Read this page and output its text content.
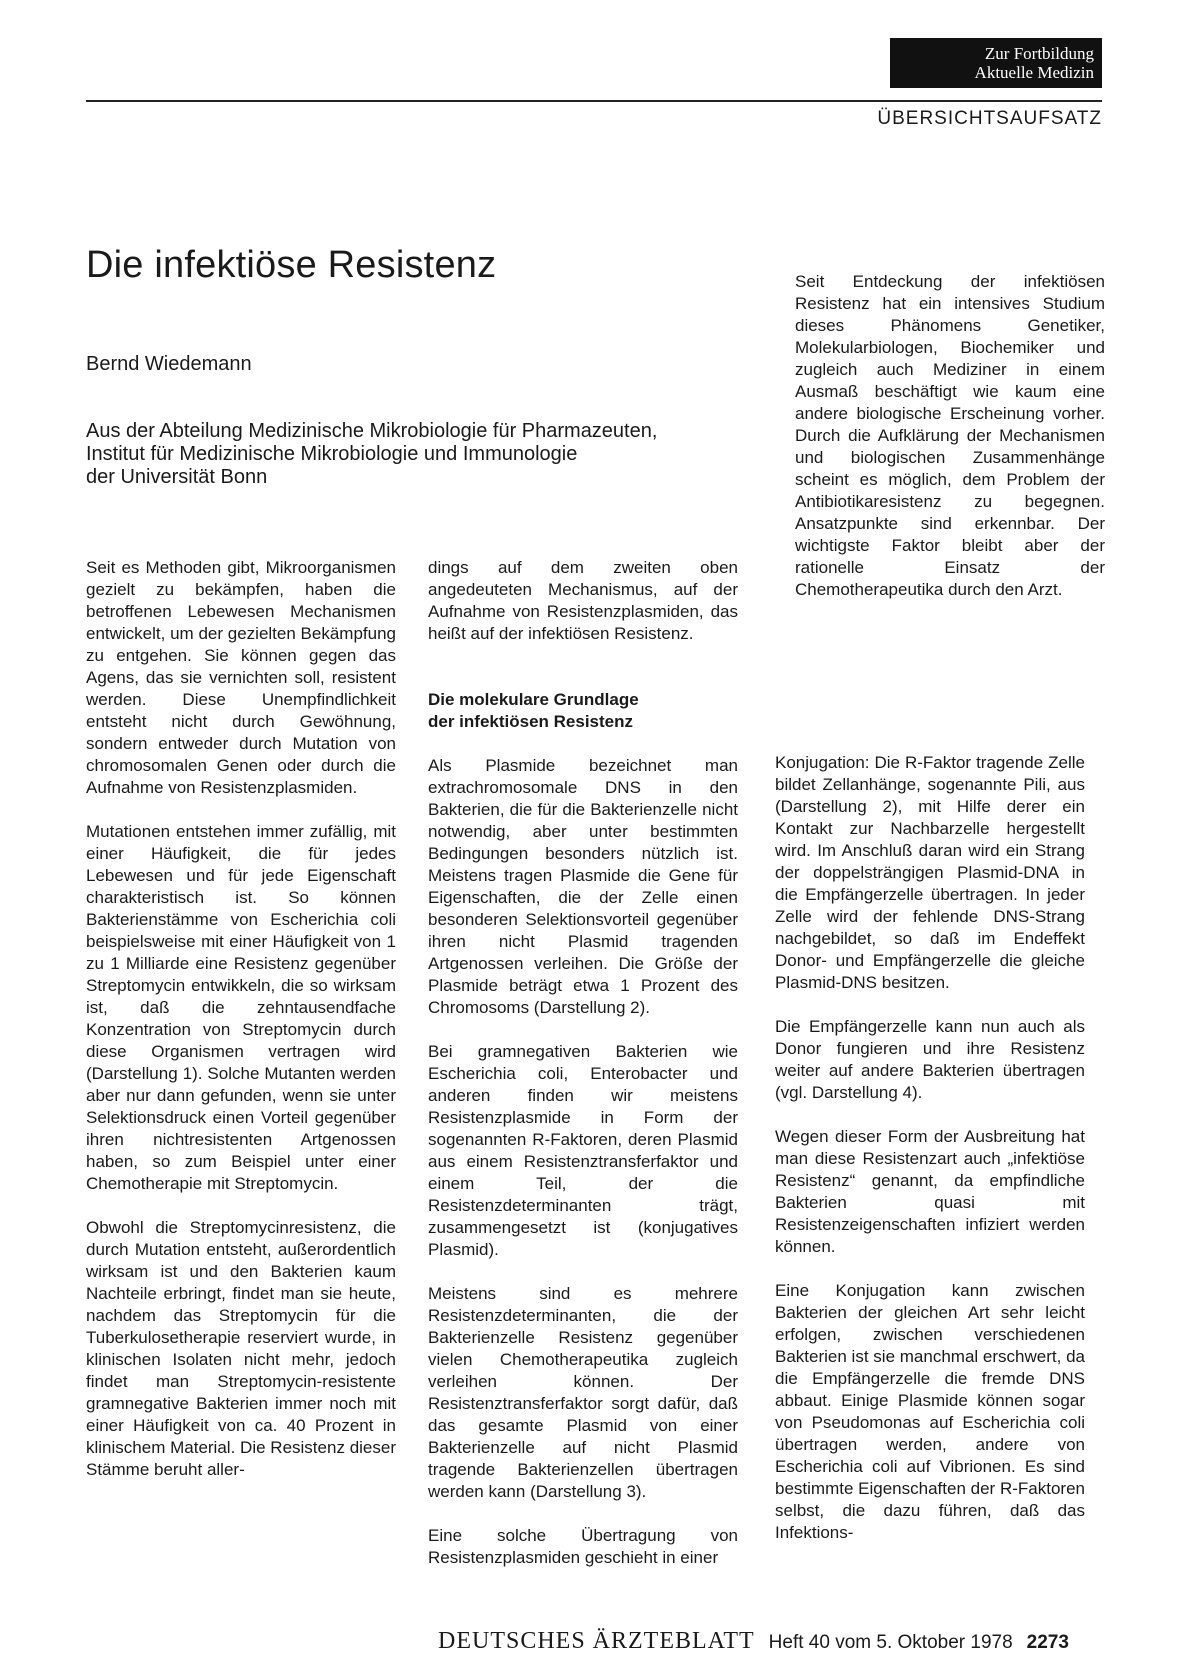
Zur Fortbildung
Aktuelle Medizin
ÜBERSICHTSAUFSATZ
Die infektiöse Resistenz
Bernd Wiedemann
Aus der Abteilung Medizinische Mikrobiologie für Pharmazeuten,
Institut für Medizinische Mikrobiologie und Immunologie
der Universität Bonn

Seit es Methoden gibt, Mikroorganismen gezielt zu bekämpfen, haben die betroffenen Lebewesen Mechanismen entwickelt, um der gezielten Bekämpfung zu entgehen. Sie können gegen das Agens, das sie vernichten soll, resistent werden. Diese Unempfindlichkeit entsteht nicht durch Gewöhnung, sondern entweder durch Mutation von chromosomalen Genen oder durch die Aufnahme von Resistenzplasmiden.

Mutationen entstehen immer zufällig, mit einer Häufigkeit, die für jedes Lebewesen und für jede Eigenschaft charakteristisch ist. So können Bakterienstämme von Escherichia coli beispielsweise mit einer Häufigkeit von 1 zu 1 Milliarde eine Resistenz gegenüber Streptomycin entwikkeln, die so wirksam ist, daß die zehntausendfache Konzentration von Streptomycin durch diese Organismen vertragen wird (Darstellung 1). Solche Mutanten werden aber nur dann gefunden, wenn sie unter Selektionsdruck einen Vorteil gegenüber ihren nichtresistenten Artgenossen haben, so zum Beispiel unter einer Chemotherapie mit Streptomycin.

Obwohl die Streptomycinresistenz, die durch Mutation entsteht, außerordentlich wirksam ist und den Bakterien kaum Nachteile erbringt, findet man sie heute, nachdem das Streptomycin für die Tuberkulosetherapie reserviert wurde, in klinischen Isolaten nicht mehr, jedoch findet man Streptomycin-resistente gramnegative Bakterien immer noch mit einer Häufigkeit von ca. 40 Prozent in klinischem Material. Die Resistenz dieser Stämme beruht aller-

dings auf dem zweiten oben angedeuteten Mechanismus, auf der Aufnahme von Resistenzplasmiden, das heißt auf der infektiösen Resistenz.

Die molekulare Grundlage
der infektiösen Resistenz

Als Plasmide bezeichnet man extrachromosomale DNS in den Bakterien, die für die Bakterienzelle nicht notwendig, aber unter bestimmten Bedingungen besonders nützlich ist. Meistens tragen Plasmide die Gene für Eigenschaften, die der Zelle einen besonderen Selektionsvorteil gegenüber ihren nicht Plasmid tragenden Artgenossen verleihen. Die Größe der Plasmide beträgt etwa 1 Prozent des Chromosoms (Darstellung 2).

Bei gramnegativen Bakterien wie Escherichia coli, Enterobacter und anderen finden wir meistens Resistenzplasmide in Form der sogenannten R-Faktoren, deren Plasmid aus einem Resistenztransferfaktor und einem Teil, der die Resistenzdeterminanten trägt, zusammengesetzt ist (konjugatives Plasmid).

Meistens sind es mehrere Resistenzdeterminanten, die der Bakterienzelle Resistenz gegenüber vielen Chemotherapeutika zugleich verleihen können. Der Resistenztransferfaktor sorgt dafür, daß das gesamte Plasmid von einer Bakterienzelle auf nicht Plasmid tragende Bakterienzellen übertragen werden kann (Darstellung 3).

Eine solche Übertragung von Resistenzplasmiden geschieht in einer

Seit Entdeckung der infektiösen Resistenz hat ein intensives Studium dieses Phänomens Genetiker, Molekularbiologen, Biochemiker und zugleich auch Mediziner in einem Ausmaß beschäftigt wie kaum eine andere biologische Erscheinung vorher. Durch die Aufklärung der Mechanismen und biologischen Zusammenhänge scheint es möglich, dem Problem der Antibiotikaresistenz zu begegnen. Ansatzpunkte sind erkennbar. Der wichtigste Faktor bleibt aber der rationelle Einsatz der Chemotherapeutika durch den Arzt.

Konjugation: Die R-Faktor tragende Zelle bildet Zellanhänge, sogenannte Pili, aus (Darstellung 2), mit Hilfe derer ein Kontakt zur Nachbarzelle hergestellt wird. Im Anschluß daran wird ein Strang der doppelsträngigen Plasmid-DNA in die Empfängerzelle übertragen. In jeder Zelle wird der fehlende DNS-Strang nachgebildet, so daß im Endeffekt Donor- und Empfängerzelle die gleiche Plasmid-DNS besitzen.

Die Empfängerzelle kann nun auch als Donor fungieren und ihre Resistenz weiter auf andere Bakterien übertragen (vgl. Darstellung 4).

Wegen dieser Form der Ausbreitung hat man diese Resistenzart auch „infektiöse Resistenz“ genannt, da empfindliche Bakterien quasi mit Resistenzeigenschaften infiziert werden können.

Eine Konjugation kann zwischen Bakterien der gleichen Art sehr leicht erfolgen, zwischen verschiedenen Bakterien ist sie manchmal erschwert, da die Empfängerzelle die fremde DNS abbaut. Einige Plasmide können sogar von Pseudomonas auf Escherichia coli übertragen werden, andere von Escherichia coli auf Vibrionen. Es sind bestimmte Eigenschaften der R-Faktoren selbst, die dazu führen, daß das Infektions-

DEUTSCHES ÄRZTEBLATT Heft 40 vom 5. Oktober 1978 2273
